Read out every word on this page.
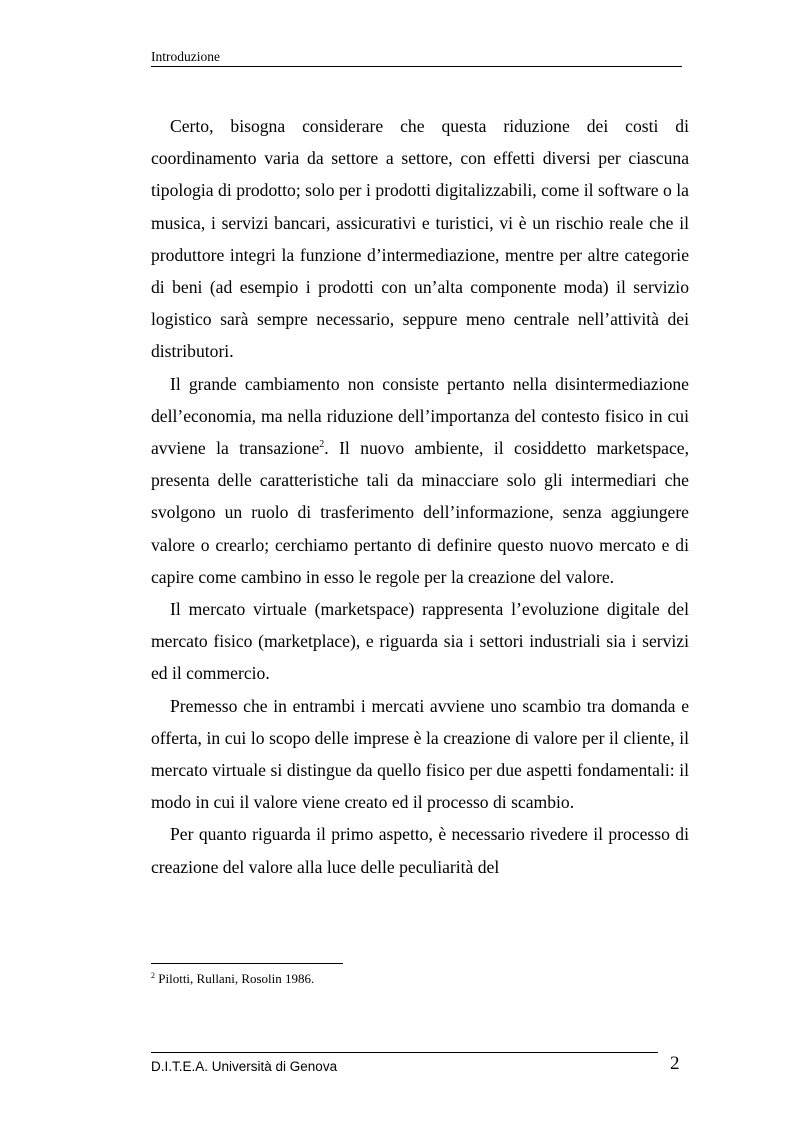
Introduzione

Certo, bisogna considerare che questa riduzione dei costi di coordinamento varia da settore a settore, con effetti diversi per ciascuna tipologia di prodotto; solo per i prodotti digitalizzabili, come il software o la musica, i servizi bancari, assicurativi e turistici, vi è un rischio reale che il produttore integri la funzione d’intermediazione, mentre per altre categorie di beni (ad esempio i prodotti con un’alta componente moda) il servizio logistico sarà sempre necessario, seppure meno centrale nell’attività dei distributori.

Il grande cambiamento non consiste pertanto nella disintermediazione dell’economia, ma nella riduzione dell’importanza del contesto fisico in cui avviene la transazione$^2$. Il nuovo ambiente, il cosiddetto marketspace, presenta delle caratteristiche tali da minacciare solo gli intermediari che svolgono un ruolo di trasferimento dell’informazione, senza aggiungere valore o crearlo; cerchiamo pertanto di definire questo nuovo mercato e di capire come cambino in esso le regole per la creazione del valore.

Il mercato virtuale (marketspace) rappresenta l’evoluzione digitale del mercato fisico (marketplace), e riguarda sia i settori industriali sia i servizi ed il commercio.

Premesso che in entrambi i mercati avviene uno scambio tra domanda e offerta, in cui lo scopo delle imprese è la creazione di valore per il cliente, il mercato virtuale si distingue da quello fisico per due aspetti fondamentali: il modo in cui il valore viene creato ed il processo di scambio.

Per quanto riguarda il primo aspetto, è necessario rivedere il processo di creazione del valore alla luce delle peculiarità del

$^2$ Pilotti, Rullani, Rosolin 1986.
D.I.T.E.A. Università di Genova	2
